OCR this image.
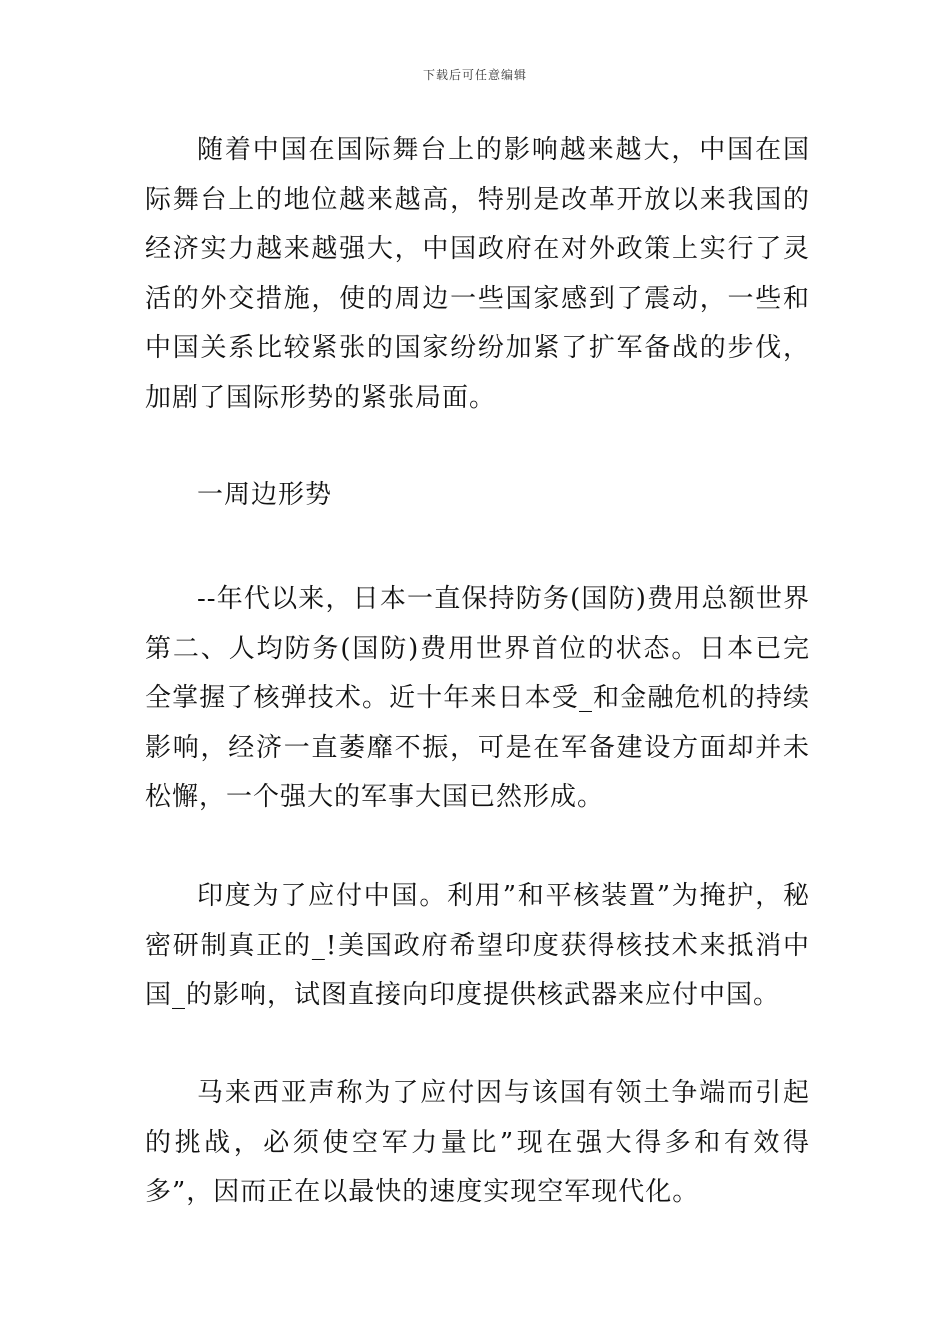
下载后可任意编辑

随着中国在国际舞台上的影响越来越大，中国在国际舞台上的地位越来越高，特别是改革开放以来我国的经济实力越来越强大，中国政府在对外政策上实行了灵活的外交措施，使的周边一些国家感到了震动，一些和中国关系比较紧张的国家纷纷加紧了扩军备战的步伐，加剧了国际形势的紧张局面。

一周边形势

--年代以来，日本一直保持防务(国防)费用总额世界第二、人均防务(国防)费用世界首位的状态。日本已完全掌握了核弹技术。近十年来日本受_和金融危机的持续影响，经济一直萎靡不振，可是在军备建设方面却并未松懈，一个强大的军事大国已然形成。

印度为了应付中国。利用”和平核装置”为掩护，秘密研制真正的_!美国政府希望印度获得核技术来抵消中国_的影响，试图直接向印度提供核武器来应付中国。

马来西亚声称为了应付因与该国有领土争端而引起的挑战，必须使空军力量比”现在强大得多和有效得多”，因而正在以最快的速度实现空军现代化。
